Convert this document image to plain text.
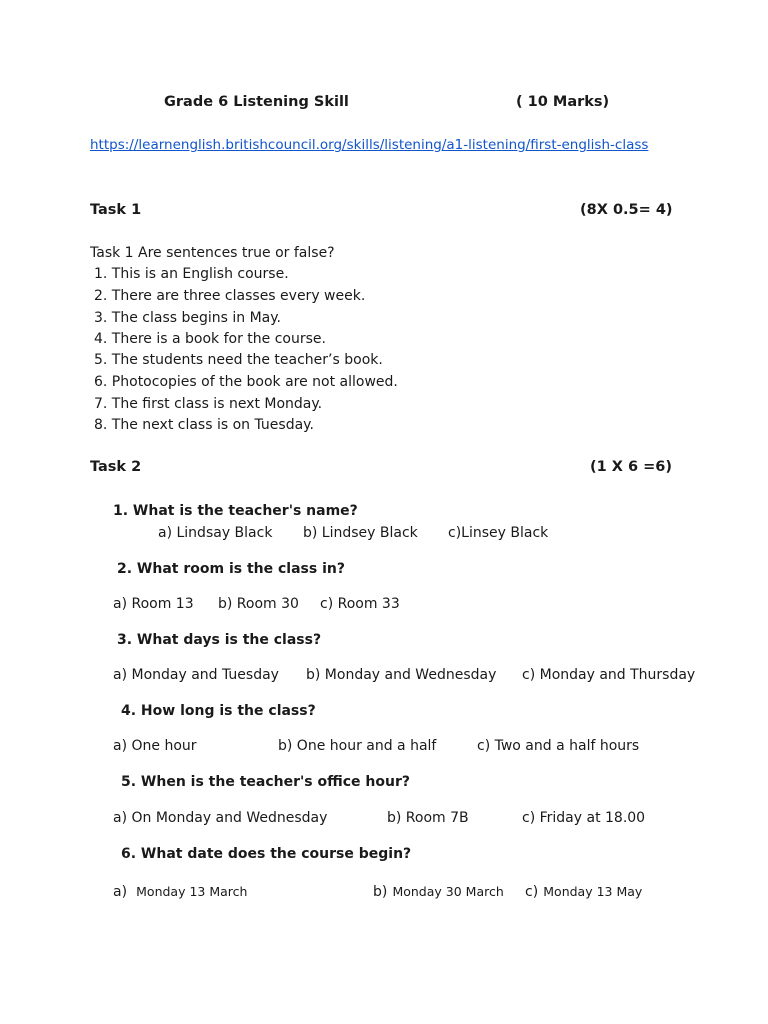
Grade 6 Listening Skill	( 10 Marks)
https://learnenglish.britishcouncil.org/skills/listening/a1-listening/first-english-class
Task 1	(8X 0.5= 4)
Task 1 Are sentences true or false?
1. This is an English course.
2. There are three classes every week.
3. The class begins in May.
4. There is a book for the course.
5. The students need the teacher’s book.
6. Photocopies of the book are not allowed.
7. The first class is next Monday.
8. The next class is on Tuesday.
Task 2	(1 X 6 =6)
1. What is the teacher's name?
a) Lindsay Black b) Lindsey Black c)Linsey Black
2. What room is the class in?
a) Room 13 b) Room 30 c) Room 33
3. What days is the class?
a) Monday and Tuesday b) Monday and Wednesday c) Monday and Thursday
4. How long is the class?
a) One hour	b) One hour and a half	c) Two and a half hours
5. When is the teacher's office hour?
a) On Monday and Wednesday	b) Room 7B	c) Friday at 18.00
6. What date does the course begin?
a) Monday 13 March	b) Monday 30 March c) Monday 13 May
